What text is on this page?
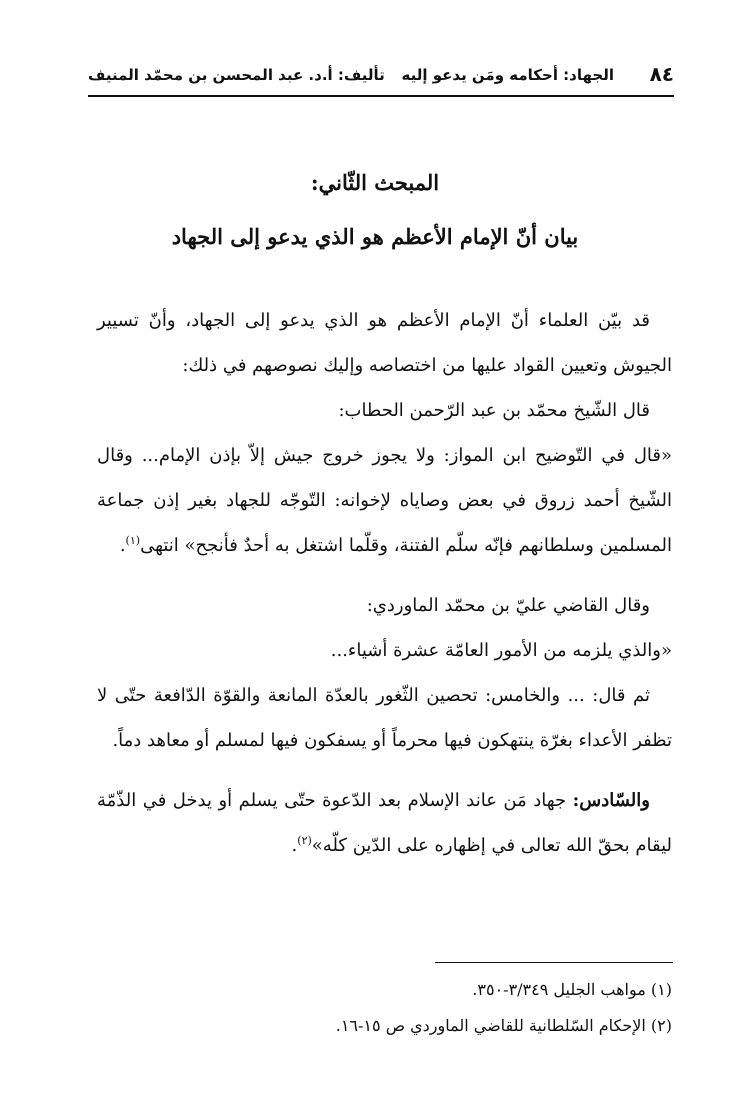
٨٤
الجهاد: أحكامه ومَن يدعو إليه
تأليف: أ.د. عبد المحسن بن محمّد المنيف
المبحث الثّاني:
بيان أنّ الإمام الأعظم هو الذي يدعو إلى الجهاد

قد بيّن العلماء أنّ الإمام الأعظم هو الذي يدعو إلى الجهاد، وأنّ تسيير الجيوش وتعيين القواد عليها من اختصاصه وإليك نصوصهم في ذلك:

قال الشّيخ محمّد بن عبد الرّحمن الحطاب:

«قال في التّوضيح ابن المواز: ولا يجوز خروج جيش إلاّ بإذن الإمام... وقال الشّيخ أحمد زروق في بعض وصاياه لإخوانه: التّوجّه للجهاد بغير إذن جماعة المسلمين وسلطانهم فإنّه سلّم الفتنة، وقلّما اشتغل به أحدٌ فأنجح» انتهى$^{(١)}$.

وقال القاضي عليّ بن محمّد الماوردي:

«والذي يلزمه من الأمور العامّة عشرة أشياء...

ثم قال: ... والخامس: تحصين الثّغور بالعدّة المانعة والقوّة الدّافعة حتّى لا تظفر الأعداء بغرّة ينتهكون فيها محرماً أو يسفكون فيها لمسلم أو معاهد دماً.

والسّادس: جهاد مَن عاند الإسلام بعد الدّعوة حتّى يسلم أو يدخل في الذّمّة ليقام بحقّ الله تعالى في إظهاره على الدّين كلّه»$^{(٢)}$.

(١) مواهب الجليل ٣/٣٤٩-٣٥٠.

(٢) الإحكام السّلطانية للقاضي الماوردي ص ١٥-١٦.
